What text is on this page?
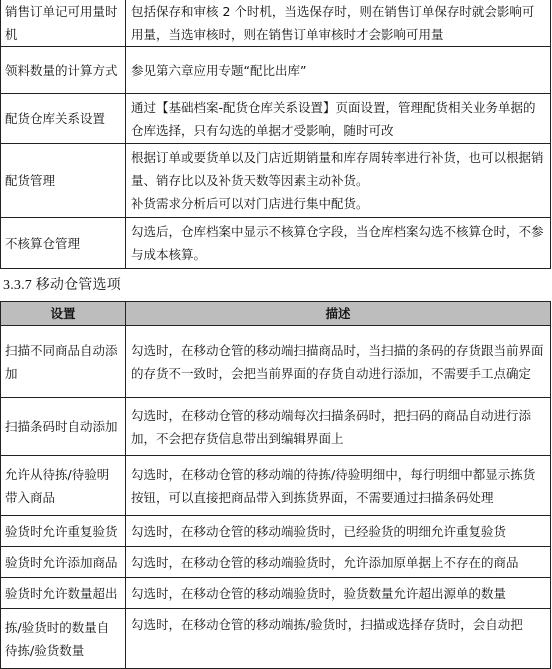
销售订单记可用量时机	包括保存和审核 2 个时机，当选保存时，则在销售订单保存时就会影响可用量，当选审核时，则在销售订单审核时才会影响可用量

领料数量的计算方式	参见第六章应用专题“配比出库”

配货仓库关系设置	通过【基础档案-配货仓库关系设置】页面设置，管理配货相关业务单据的仓库选择，只有勾选的单据才受影响，随时可改

配货管理	根据订单或要货单以及门店近期销量和库存周转率进行补货，也可以根据销量、销存比以及补货天数等因素主动补货。
补货需求分析后可以对门店进行集中配货。

不核算仓管理	勾选后，仓库档案中显示不核算仓字段，当仓库档案勾选不核算仓时，不参与成本核算。
3.3.7 移动仓管选项
设置	描述
扫描不同商品自动添加	勾选时，在移动仓管的移动端扫描商品时，当扫描的条码的存货跟当前界面的存货不一致时，会把当前界面的存货自动进行添加，不需要手工点确定
扫描条码时自动添加	勾选时，在移动仓管的移动端每次扫描条码时，把扫码的商品自动进行添加，不会把存货信息带出到编辑界面上
允许从待拣/待验明带入商品	勾选时，在移动仓管的移动端的待拣/待验明细中，每行明细中都显示拣货按钮，可以直接把商品带入到拣货界面，不需要通过扫描条码处理
验货时允许重复验货	勾选时，在移动仓管的移动端验货时，已经验货的明细允许重复验货
验货时允许添加商品	勾选时，在移动仓管的移动端验货时，允许添加原单据上不存在的商品
验货时允许数量超出	勾选时，在移动仓管的移动端验货时，验货数量允许超出源单的数量
拣/验货时的数量自待拣/验货数量	勾选时，在移动仓管的移动端拣/验货时，扫描或选择存货时，会自动把
